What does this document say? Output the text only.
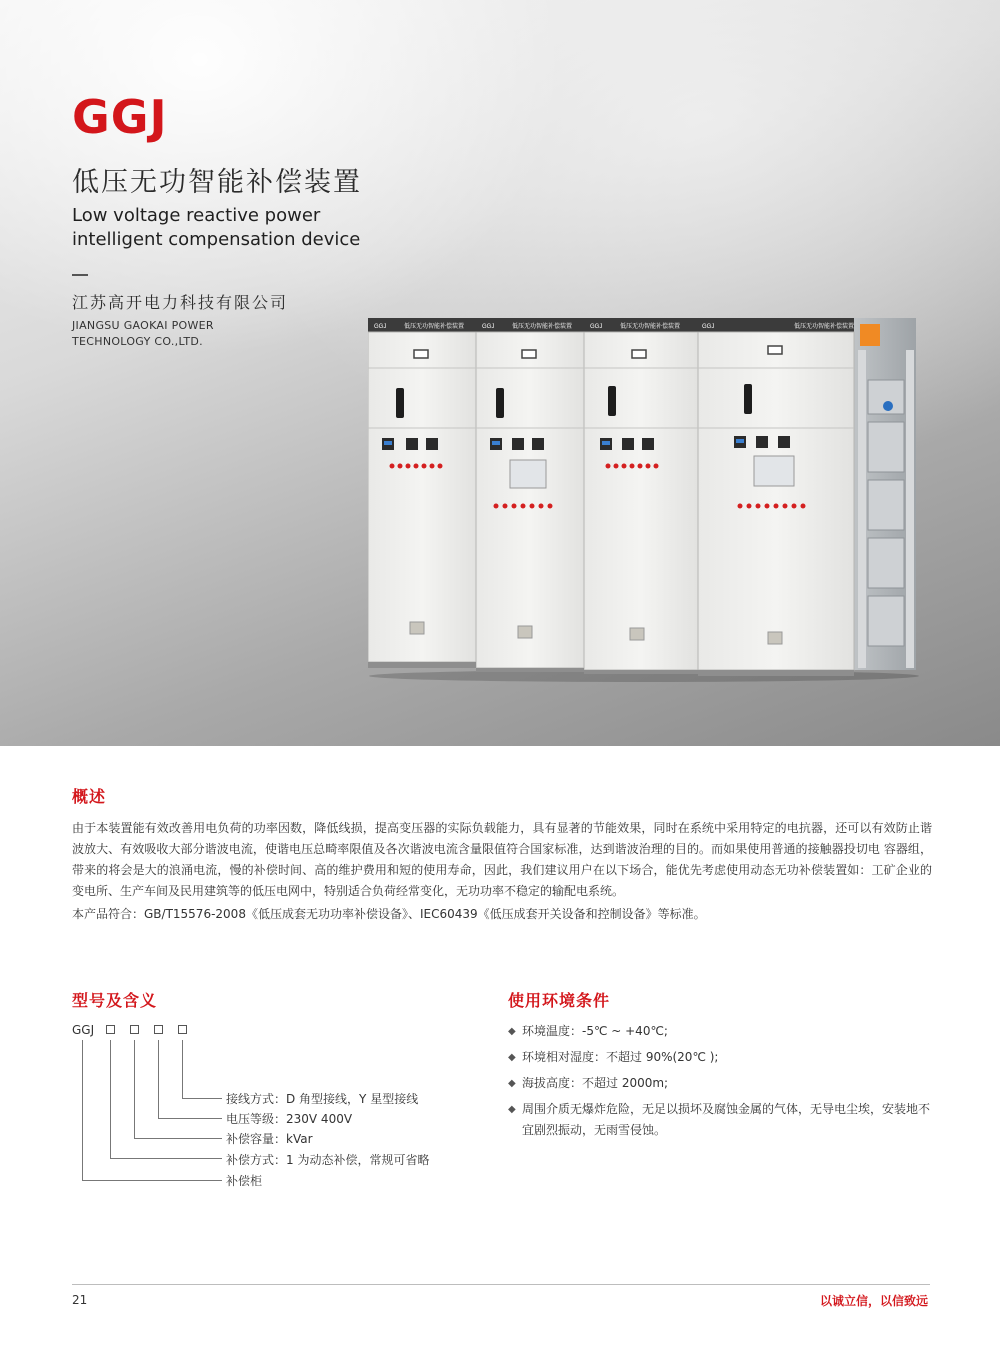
GGJ
低压无功智能补偿装置
Low voltage reactive power intelligent compensation device
江苏高开电力科技有限公司
JIANGSU GAOKAI POWER TECHNOLOGY CO.,LTD.
GGJ	GGJ	GGJ	GGJ
低压无功智能补偿装置	低压无功智能补偿装置	低压无功智能补偿装置	低压无功智能补偿装置
概述
由于本装置能有效改善用电负荷的功率因数，降低线损，提高变压器的实际负载能力，具有显著的节能效果，同时在系统中采用特定的电抗器，还可以有效防止谐波放大、有效吸收大部分谐波电流，使谐电压总畸率限值及各次谐波电流含量限值符合国家标准，达到谐波治理的目的。而如果使用普通的接触器投切电 容器组，带来的将会是大的浪涌电流，慢的补偿时间、高的维护费用和短的使用寿命，因此，我们建议用户在以下场合，能优先考虑使用动态无功补偿装置如：工矿企业的变电所、生产车间及民用建筑等的低压电网中，特别适合负荷经常变化，无功功率不稳定的输配电系统。
本产品符合：GB/T15576-2008《低压成套无功功率补偿设备》、IEC60439《低压成套开关设备和控制设备》等标准。
型号及含义
GGJ
接线方式：D 角型接线，Y 星型接线
电压等级：230V 400V
补偿容量：kVar
补偿方式：1 为动态补偿，常规可省略
补偿柜
使用环境条件
◆ 环境温度：-5℃ ~ +40℃;
◆ 环境相对湿度：不超过 90%(20℃ );
◆ 海拔高度：不超过 2000m;
◆ 周围介质无爆炸危险，无足以损坏及腐蚀金属的气体，无导电尘埃，安装地不宜剧烈振动，无雨雪侵蚀。
21	以诚立信，以信致远
